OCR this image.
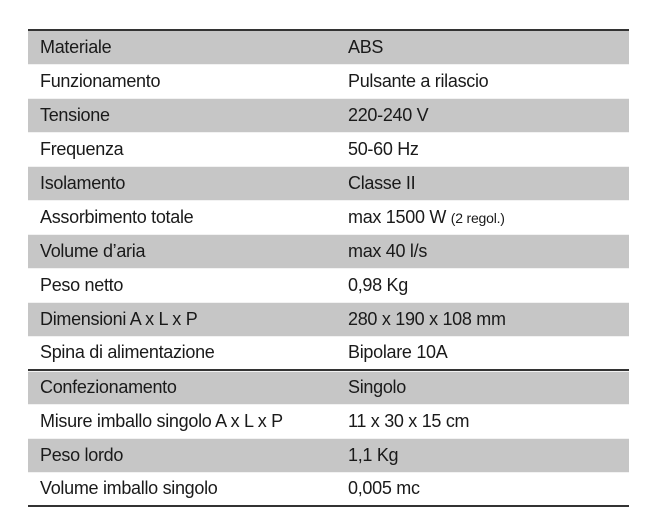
Materiale	ABS
Funzionamento	Pulsante a rilascio
Tensione	220-240 V
Frequenza	50-60 Hz
Isolamento	Classe II
Assorbimento totale	max 1500 W (2 regol.)
Volume d’aria	max 40 l/s
Peso netto	0,98 Kg
Dimensioni A x L x P	280 x 190 x 108 mm
Spina di alimentazione	Bipolare 10A
Confezionamento	Singolo
Misure imballo singolo A x L x P	11 x 30 x 15 cm
Peso lordo	1,1 Kg
Volume imballo singolo	0,005 mc
